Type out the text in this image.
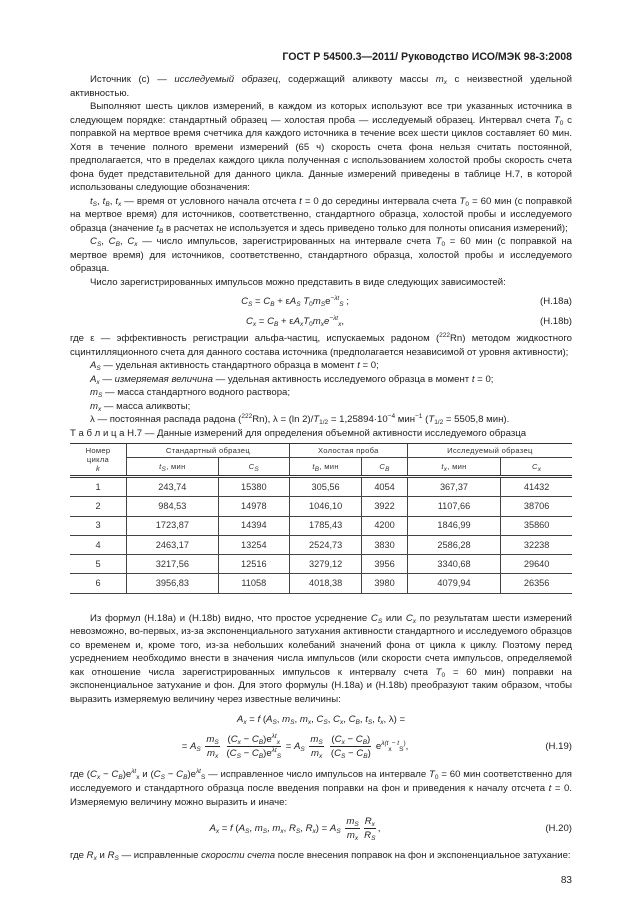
ГОСТ Р 54500.3—2011/ Руководство ИСО/МЭК 98-3:2008

Источник (с) — исследуемый образец, содержащий аликвоту массы $m_x$ с неизвестной удельной активностью.

Выполняют шесть циклов измерений, в каждом из которых используют все три указанных источника в следующем порядке: стандартный образец — холостая проба — исследуемый образец. Интервал счета $T_0$ с поправкой на мертвое время счетчика для каждого источника в течение всех шести циклов составляет 60 мин. Хотя в течение полного времени измерений (65 ч) скорость счета фона нельзя считать постоянной, предполагается, что в пределах каждого цикла полученная с использованием холостой пробы скорость счета фона будет представительной для данного цикла. Данные измерений приведены в таблице Н.7, в которой использованы следующие обозначения:

$t_S$, $t_B$, $t_x$ — время от условного начала отсчета t = 0 до середины интервала счета $T_0 = 60$ мин (с поправкой на мертвое время) для источников, соответственно, стандартного образца, холостой пробы и исследуемого образца (значение $t_B$ в расчетах не используется и здесь приведено только для полноты описания измерений);

$C_S$, $C_B$, $C_x$ — число импульсов, зарегистрированных на интервале счета $T_0 = 60$ мин (с поправкой на мертвое время) для источников, соответственно, стандартного образца, холостой пробы и исследуемого образца.

Число зарегистрированных импульсов можно представить в виде следующих зависимостей:

$C_S = C_B + \varepsilon A_S$ $T_0m_Se^{-\lambda t}_S$ ;	(Н.18a)
$C_x = C_B + \varepsilon A_xT_0m_xe^{-\lambda t}_x$,	(Н.18b)

где ε — эффективность регистрации альфа-частиц, испускаемых радоном ($^{222}$Rn) методом жидкостного сцинтилляционного счета для данного состава источника (предполагается независимой от уровня активности);

$A_S$ — удельная активность стандартного образца в момент t = 0;

$A_x$ — измеряемая величина — удельная активность исследуемого образца в момент t = 0;

$m_S$ — масса стандартного водного раствора;

$m_x$ — масса аликвоты;

λ — постоянная распада радона ($^{222}$Rn), λ = (ln $2)/T_{1/2} = 1,25894\cdot 10^{-4}$ мин$^{-1}$ ($T_{1/2} = 5505,8$ мин).

Т а б л и ц а Н.7 — Данные измерений для определения объемной активности исследуемого образца

Номер
цикла
k	Стандартный образец		Холостая проба		Исследуемый образец	
	tS, мин	CS	tB, мин	CB	tx, мин	Cx
1	243,74	15380	305,56	4054	367,37	41432
2	984,53	14978	1046,10	3922	1107,66	38706
3	1723,87	14394	1785,43	4200	1846,99	35860
4	2463,17	13254	2524,73	3830	2586,28	32238
5	3217,56	12516	3279,12	3956	3340,68	29640
6	3956,83	11058	4018,38	3980	4079,94	26356

Из формул (Н.18a) и (Н.18b) видно, что простое усреднение $C_S$ или $C_x$ по результатам шести измерений невозможно, во-первых, из-за экспоненциального затухания активности стандартного и исследуемого образцов со временем и, кроме того, из-за небольших колебаний значений фона от цикла к циклу. Поэтому перед усреднением необходимо внести в значения числа импульсов (или скорости счета импульсов, определяемой как отношение числа зарегистрированных импульсов к интервалу счета $T_0 = 60$ мин) поправки на экспоненциальное затухание и фон. Для этого формулы (Н.18a) и (Н.18b) преобразуют таким образом, чтобы выразить измеряемую величину через известные величины:

$A_x = f$ ($A_S$, $m_S$, $m_x$, $C_S$, $C_x$, $C_B$, $t_S$, $t_x$, λ) =
= $A_S \frac{m_S}{m_x}$
$\frac{(C_x - C_B)e^{\lambda t}_x}{(C_S - C_B)e^{\lambda t}_S} = A_S \frac{m_S}{m_x}$
$\frac{(C_x - C_B)}{(C_S - C_B)} e^{\lambda(t}_x^{- t}_S^)$,	(Н.19)

где $(C_x - C_B)e^{\lambda t}_x$ и $(C_S - C_B)e^{\lambda t}_S$ — исправленное число импульсов на интервале $T_0 = 60$ мин соответственно для исследуемого и стандартного образца после введения поправки на фон и приведения к началу отсчета t = 0. Измеряемую величину можно выразить и иначе:

$A_x = f$ ($A_S$, $m_S$, $m_x$, $R_S$, $R_x) = A_S \frac{m_S}{m_x} \frac{R_x}{R_S}$ ,	(Н.20)

где $R_x$ и $R_S$ — исправленные скорости счета после внесения поправок на фон и экспоненциальное затухание:

83
